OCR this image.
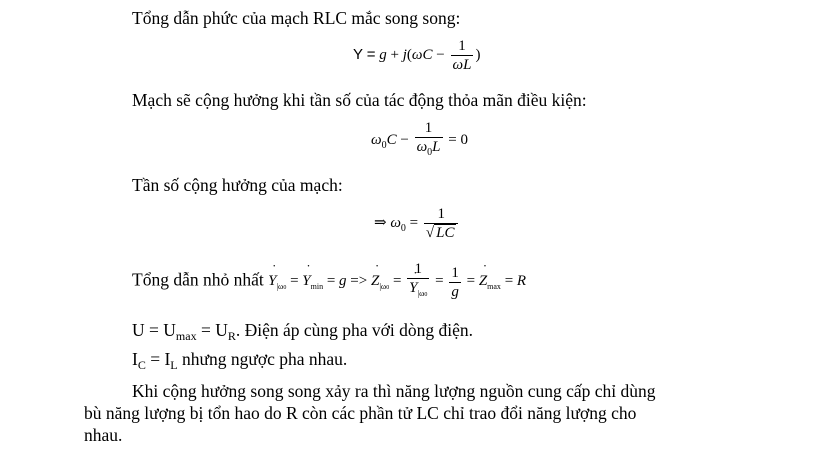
Tổng dẫn phức của mạch RLC mắc song song:
$Y = g + j(\omega C - \frac{1}{\omega L}$ )
Mạch sẽ cộng hưởng khi tần số của tác động thỏa mãn điều kiện:
$\omega_0C - \frac{1}{\omega_0L} = 0$
Tần số cộng hưởng của mạch:
⇒ $\omega_0 = \frac{1}{√ LC}$
Tổng dẫn nhỏ nhất ˙ $Y_{|\omega 0}$ = ˙ $Y_{min} = g$ => ˙ $Z_{|\omega 0} = 1$
˙ $Y_{|\omega 0} = \frac{1}{g}$ = ˙ $Z_{max} = R$
$U = U_{max} = U_R$. Điện áp cùng pha với dòng điện.
$I_C = I_L$ nhưng ngược pha nhau.
Khi cộng hưởng song song xảy ra thì năng lượng nguồn cung cấp chỉ dùng
bù năng lượng bị tổn hao do R còn các phần tử LC chỉ trao đổi năng lượng cho
nhau.
